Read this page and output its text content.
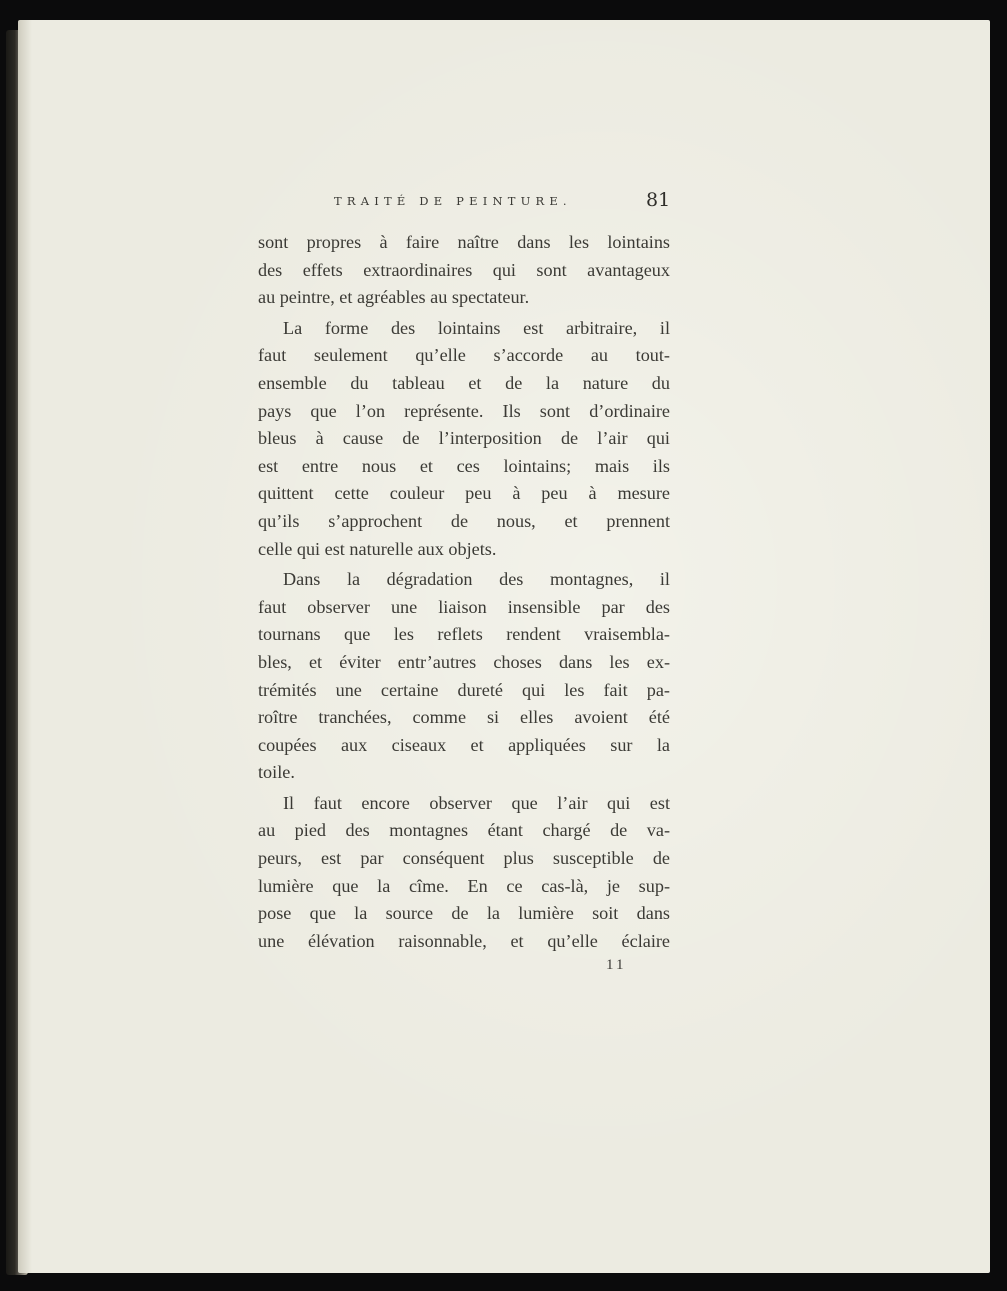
TRAITÉ DE PEINTURE.	81
sont propres à faire naître dans les lointains
des effets extraordinaires qui sont avantageux
au peintre, et agréables au spectateur.
La forme des lointains est arbitraire, il
faut seulement qu’elle s’accorde au tout-
ensemble du tableau et de la nature du
pays que l’on représente. Ils sont d’ordinaire
bleus à cause de l’interposition de l’air qui
est entre nous et ces lointains; mais ils
quittent cette couleur peu à peu à mesure
qu’ils s’approchent de nous, et prennent
celle qui est naturelle aux objets.
Dans la dégradation des montagnes, il
faut observer une liaison insensible par des
tournans que les reflets rendent vraisembla-
bles, et éviter entr’autres choses dans les ex-
trémités une certaine dureté qui les fait pa-
roître tranchées, comme si elles avoient été
coupées aux ciseaux et appliquées sur la
toile.
Il faut encore observer que l’air qui est
au pied des montagnes étant chargé de va-
peurs, est par conséquent plus susceptible de
lumière que la cîme. En ce cas-là, je sup-
pose que la source de la lumière soit dans
une élévation raisonnable, et qu’elle éclaire
11
